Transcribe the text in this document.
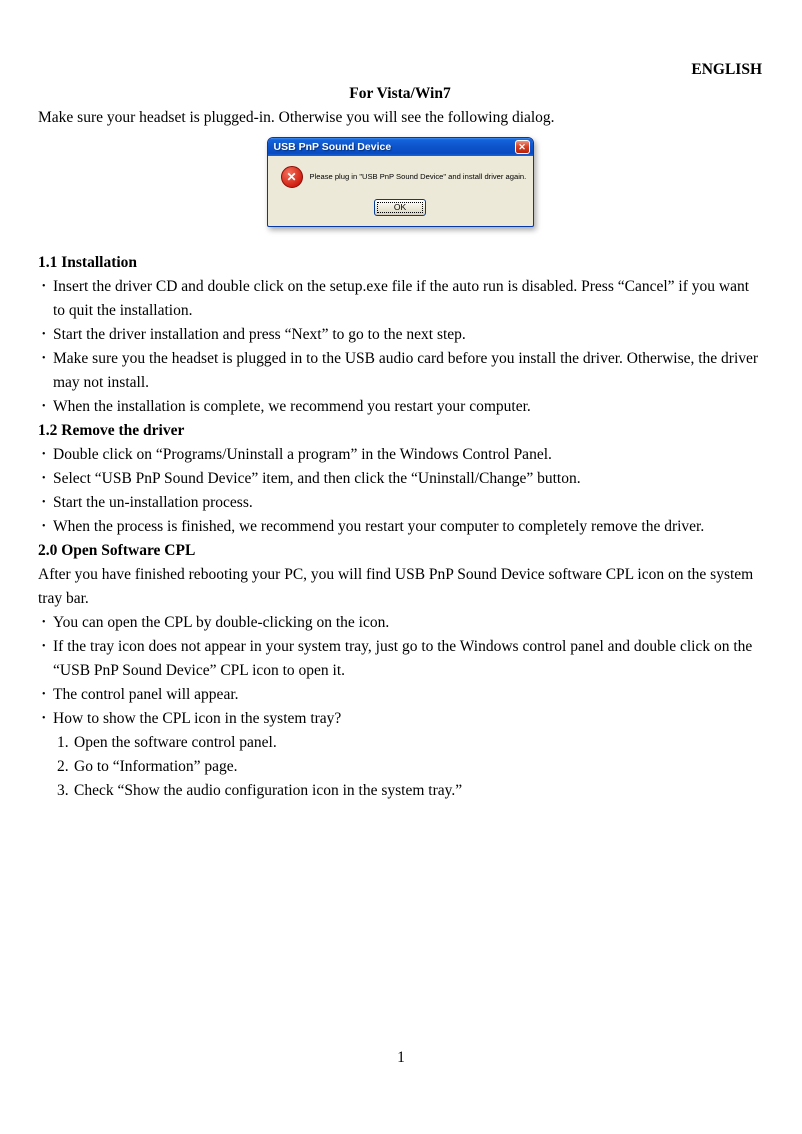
ENGLISH
For Vista/Win7
Make sure your headset is plugged-in. Otherwise you will see the following dialog.
USB PnP Sound Device	✕
✕	Please plug in "USB PnP Sound Device" and install driver again.
OK
1.1 Installation
• Insert the driver CD and double click on the setup.exe file if the auto run is disabled. Press “Cancel” if you want to quit the installation.
• Start the driver installation and press “Next” to go to the next step.
• Make sure you the headset is plugged in to the USB audio card before you install the driver. Otherwise, the driver may not install.
• When the installation is complete, we recommend you restart your computer.
1.2 Remove the driver
• Double click on “Programs/Uninstall a program” in the Windows Control Panel.
• Select “USB PnP Sound Device” item, and then click the “Uninstall/Change” button.
• Start the un-installation process.
• When the process is finished, we recommend you restart your computer to completely remove the driver.
2.0 Open Software CPL
After you have finished rebooting your PC, you will find USB PnP Sound Device software CPL icon on the system tray bar.
• You can open the CPL by double-clicking on the icon.
• If the tray icon does not appear in your system tray, just go to the Windows control panel and double click on the “USB PnP Sound Device” CPL icon to open it.
• The control panel will appear.
• How to show the CPL icon in the system tray?
1. Open the software control panel.
2. Go to “Information” page.
3. Check “Show the audio configuration icon in the system tray.”
1
